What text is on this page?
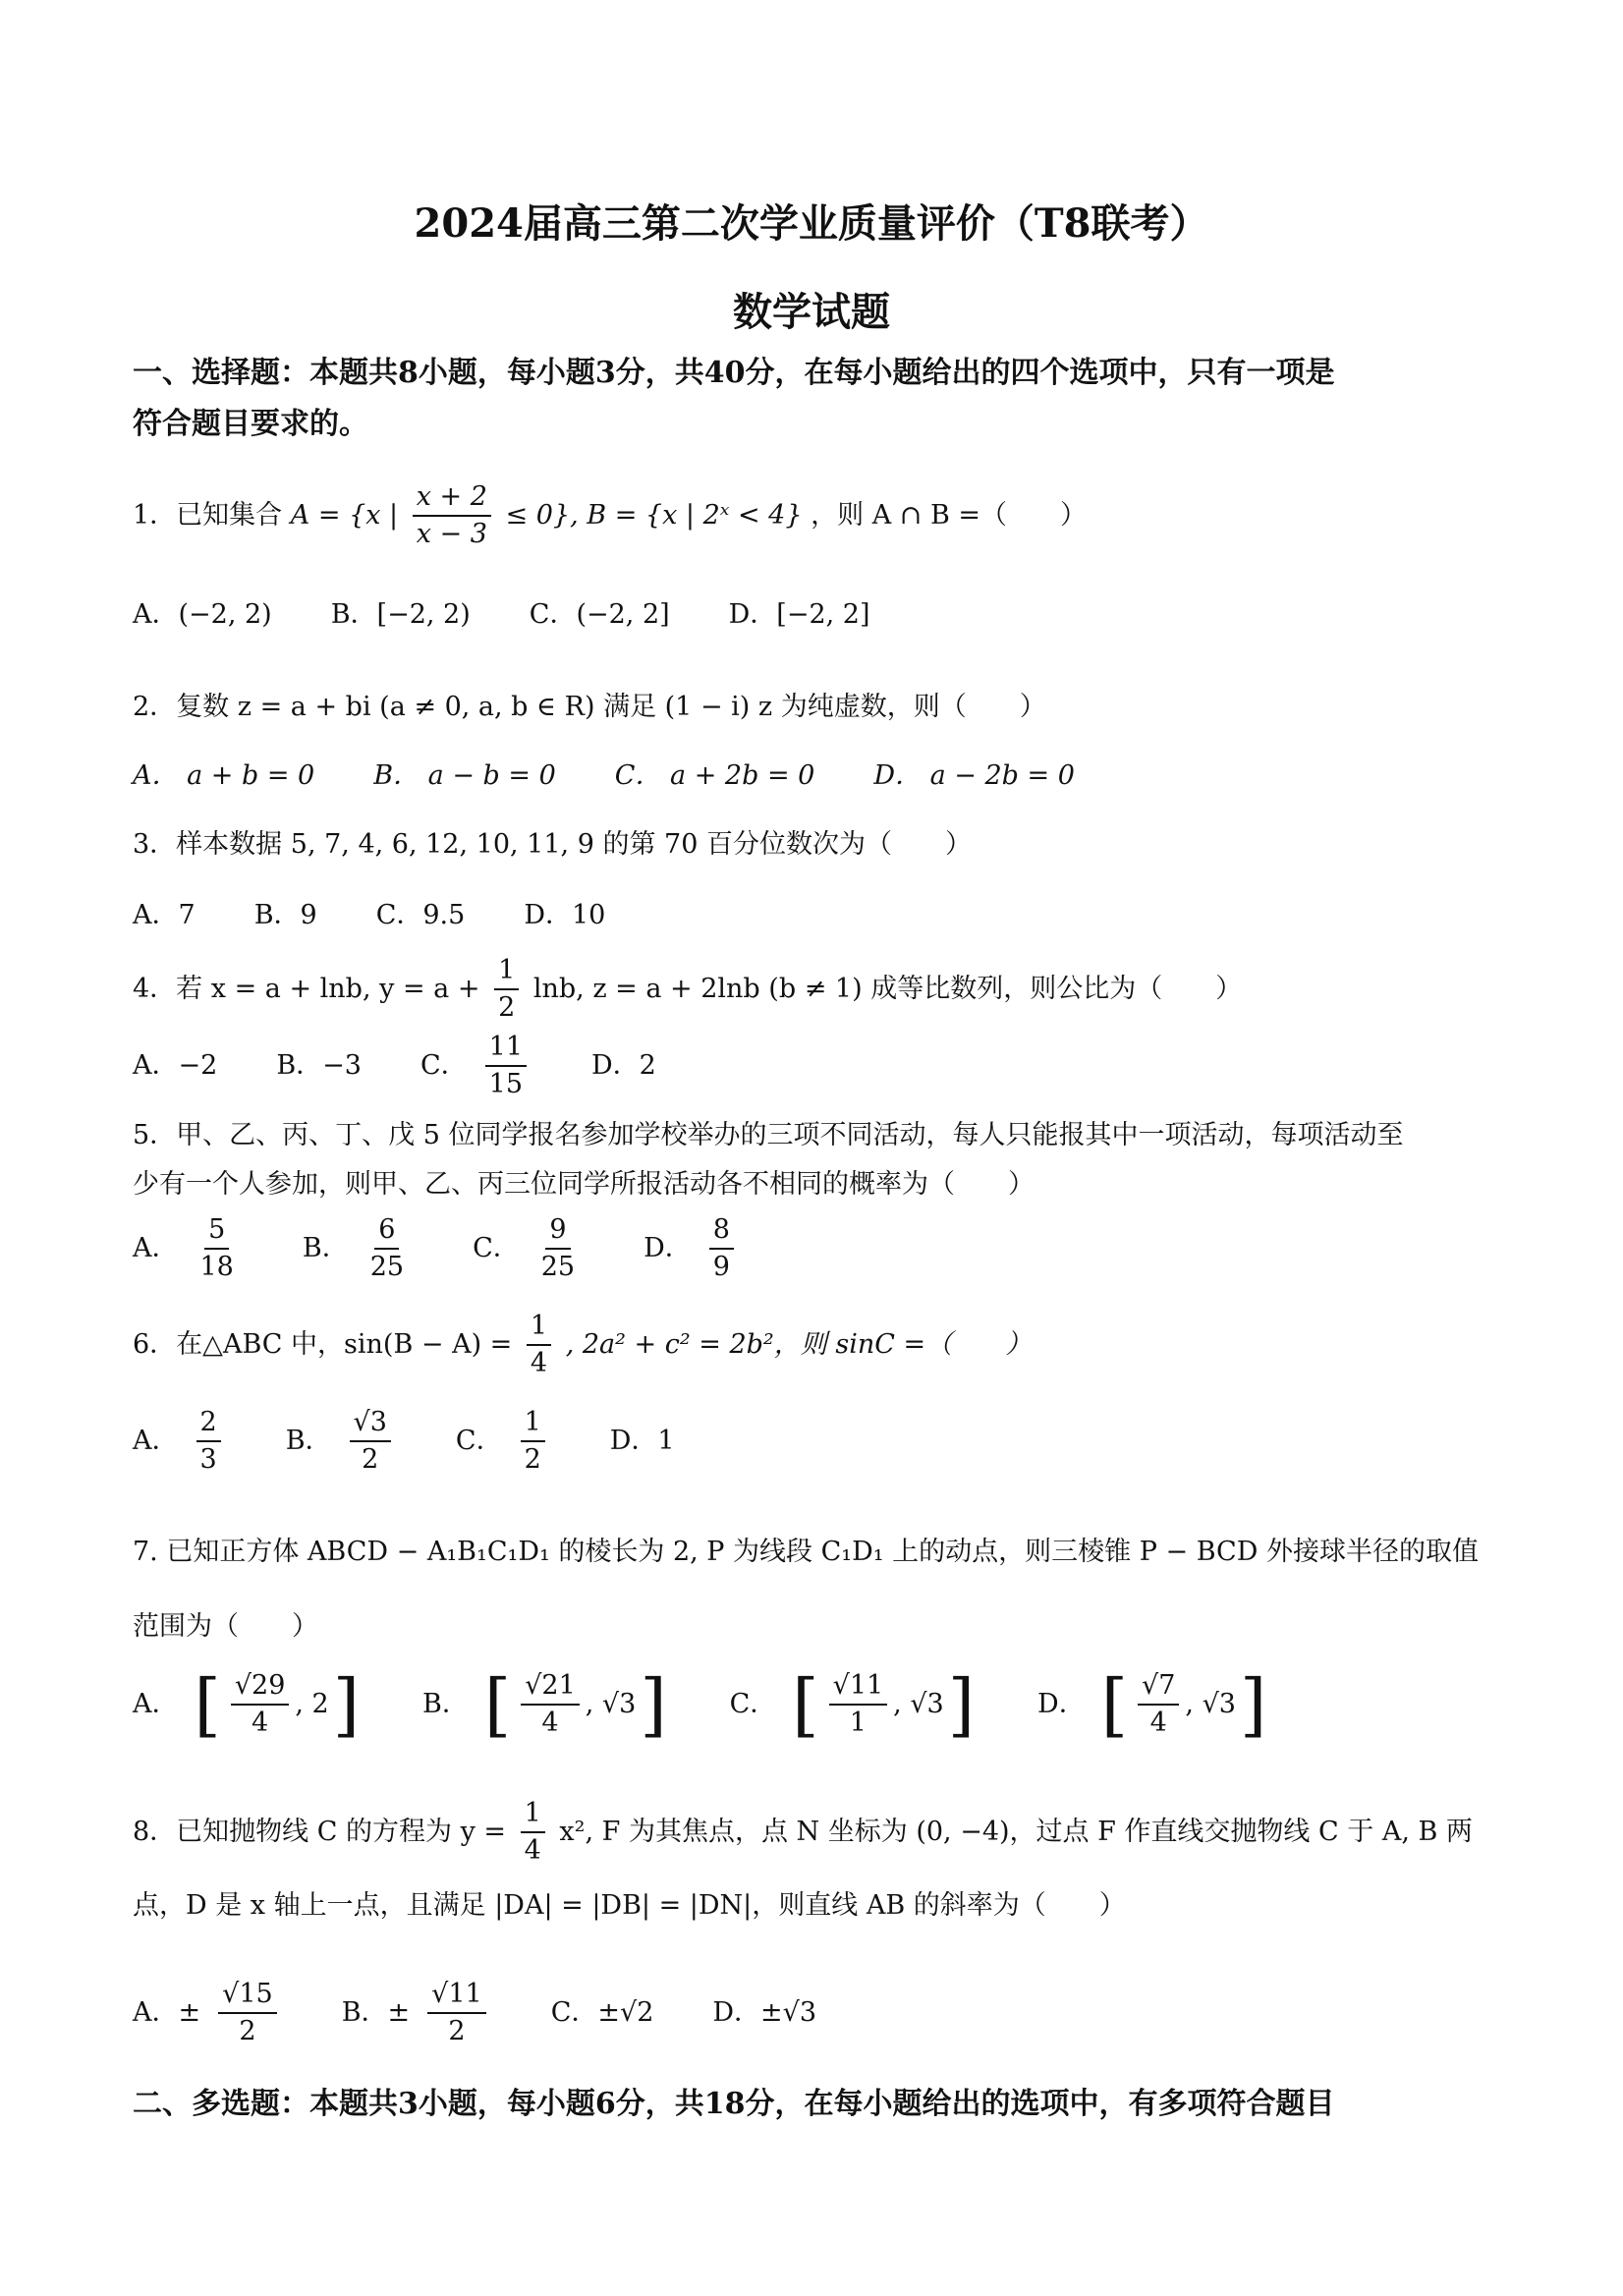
2024届高三第二次学业质量评价（T8联考）
数学试题
一、选择题：本题共8小题，每小题3分，共40分，在每小题给出的四个选项中，只有一项是
符合题目要求的。
1．已知集合 A = {x | $\frac{x + 2}{x - 3} \le 0$}, B = {x | 2ˣ < 4} ，则 A ∩ B =（　　）
A．(−2, 2) B．[−2, 2) C．(−2, 2] D．[−2, 2]
2．复数 z = a + bi (a ≠ 0, a, b ∈ R) 满足 (1 − i) z 为纯虚数，则（　　）
A． a + b = 0 B． a − b = 0 C． a + 2b = 0 D． a − 2b = 0
3．样本数据 5, 7, 4, 6, 12, 10, 11, 9 的第 70 百分位数次为（　　）
A．7 B．9 C．9.5 D．10
4．若 x = a + lnb, $y = a + \frac{1}{2} \ln b$, z = a + 2lnb (b ≠ 1) 成等比数列，则公比为（　　）
A．−2 B．−3 C． $\frac{11}{15}$ D．2
5．甲、乙、丙、丁、戊 5 位同学报名参加学校举办的三项不同活动，每人只能报其中一项活动，每项活动至
少有一个人参加，则甲、乙、丙三位同学所报活动各不相同的概率为（　　）
A． $\frac{5}{18}$ B． $\frac{6}{25}$ C． $\frac{9}{25}$ D． $\frac{8}{9}$
6．在△ABC 中，$\sin(B - A) = \frac{1}{4}$ , 2a² + c² = 2b²，则 sinC =（　　）
A． $\frac{2}{3}$ B． $\frac{√3}{2}$ C． $\frac{1}{2}$ D．1
7. 已知正方体 ABCD − A₁B₁C₁D₁ 的棱长为 2, P 为线段 C₁D₁ 上的动点，则三棱锥 P − BCD 外接球半径的取值
范围为（　　）
A． [ $\frac{√29}{4}$ , 2 ] B． [ $\frac{√21}{4}$ , √3 ] C． [ $\frac{√11}{1}$ , √3 ] D． [ $\frac{√7}{4}$ , √3 ]
8．已知抛物线 C 的方程为 $y = \frac{1}{4} x^2$, F 为其焦点，点 N 坐标为 (0, −4)，过点 F 作直线交抛物线 C 于 A, B 两
点，D 是 x 轴上一点，且满足 |DA| = |DB| = |DN|，则直线 AB 的斜率为（　　）
A．± $\frac{√15}{2}$ B．± $\frac{√11}{2}$ C．±√2 D．±√3
二、多选题：本题共3小题，每小题6分，共18分，在每小题给出的选项中，有多项符合题目
